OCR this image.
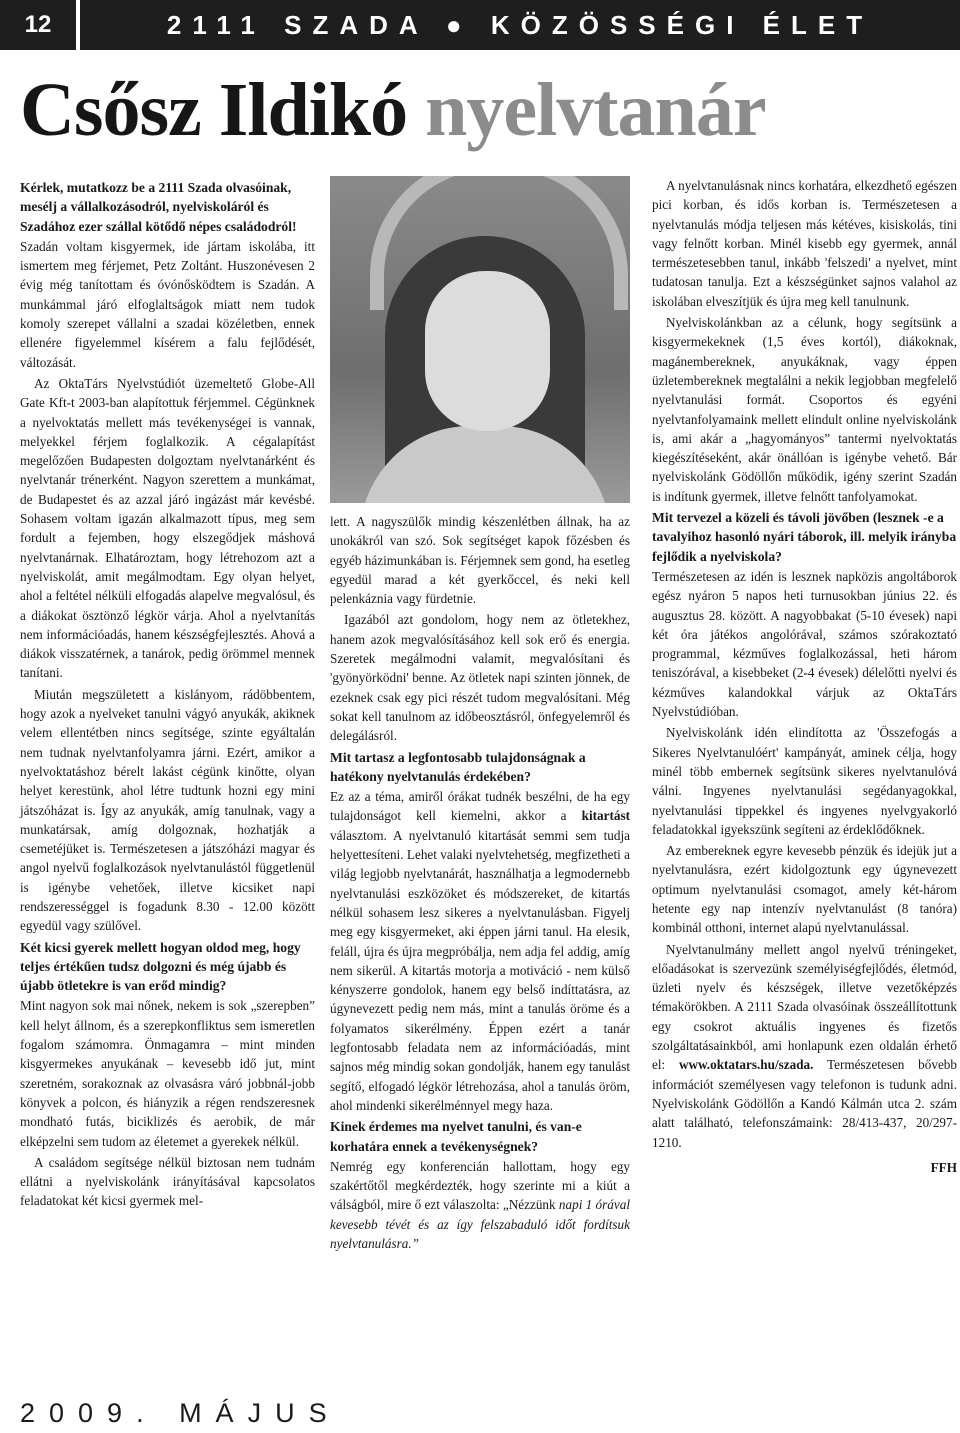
12	2111 SZADA ● KÖZÖSSÉGI ÉLET
Csősz Ildikó nyelvtanár
Kérlek, mutatkozz be a 2111 Szada olvasóinak, mesélj a vállalkozásodról, nyelviskoláról és Szadához ezer szállal kötődő népes családodról!

Szadán voltam kisgyermek, ide jártam iskolába, itt ismertem meg férjemet, Petz Zoltánt. Huszonévesen 2 évig még tanítottam és óvónősködtem is Szadán. A munkámmal járó elfoglaltságok miatt nem tudok komoly szerepet vállalni a szadai közéletben, ennek ellenére figyelemmel kísérem a falu fejlődését, változását.

Az OktaTárs Nyelvstúdiót üzemeltető Globe-All Gate Kft-t 2003-ban alapítottuk férjemmel. Cégünknek a nyelvoktatás mellett más tevékenységei is vannak, melyekkel férjem foglalkozik. A cégalapítást megelőzően Budapesten dolgoztam nyelvtanárként és nyelvtanár trénerként. Nagyon szerettem a munkámat, de Budapestet és az azzal járó ingázást már kevésbé. Sohasem voltam igazán alkalmazott típus, meg sem fordult a fejemben, hogy elszegődjek máshová nyelvtanárnak. Elhatároztam, hogy létrehozom azt a nyelviskolát, amit megálmodtam. Egy olyan helyet, ahol a feltétel nélküli elfogadás alapelve megvalósul, és a diákokat ösztönző légkör várja. Ahol a nyelvtanítás nem információadás, hanem készségfejlesztés. Ahová a diákok visszatérnek, a tanárok, pedig örömmel mennek tanítani.

Miután megszületett a kislányom, rádöbbentem, hogy azok a nyelveket tanulni vágyó anyukák, akiknek velem ellentétben nincs segítsége, szinte egyáltalán nem tudnak nyelvtanfolyamra járni. Ezért, amikor a nyelvoktatáshoz bérelt lakást cégünk kinőtte, olyan helyet kerestünk, ahol létre tudtunk hozni egy mini játszóházat is. Így az anyukák, amíg tanulnak, vagy a munkatársak, amíg dolgoznak, hozhatják a csemetéjüket is. Természetesen a játszóházi magyar és angol nyelvű foglalkozások nyelvtanulástól függetlenül is igénybe vehetőek, illetve kicsiket napi rendszerességgel is fogadunk 8.30 - 12.00 között egyedül vagy szülővel.

Két kicsi gyerek mellett hogyan oldod meg, hogy teljes értékűen tudsz dolgozni és még újabb és újabb ötletekre is van erőd mindig?

Mint nagyon sok mai nőnek, nekem is sok „szerepben” kell helyt állnom, és a szerepkonfliktus sem ismeretlen fogalom számomra. Önmagamra – mint minden kisgyermekes anyukának – kevesebb idő jut, mint szeretném, sorakoznak az olvasásra váró jobbnál-jobb könyvek a polcon, és hiányzik a régen rendszeresnek mondható futás, biciklizés és aerobik, de már elképzelni sem tudom az életemet a gyerekek nélkül.

A családom segítsége nélkül biztosan nem tudnám ellátni a nyelviskolánk irányításával kapcsolatos feladatokat két kicsi gyermek mel-

lett. A nagyszülők mindig készenlétben állnak, ha az unokákról van szó. Sok segítséget kapok főzésben és egyéb házimunkában is. Férjemnek sem gond, ha esetleg egyedül marad a két gyerkőccel, és neki kell pelenkáznia vagy fürdetnie.

Igazából azt gondolom, hogy nem az ötletekhez, hanem azok megvalósításához kell sok erő és energia. Szeretek megálmodni valamit, megvalósítani és 'gyönyörködni' benne. Az ötletek napi szinten jönnek, de ezeknek csak egy pici részét tudom megvalósítani. Még sokat kell tanulnom az időbeosztásról, önfegyelemről és delegálásról.

Mit tartasz a legfontosabb tulajdonságnak a hatékony nyelvtanulás érdekében?

Ez az a téma, amiről órákat tudnék beszélni, de ha egy tulajdonságot kell kiemelni, akkor a kitartást választom. A nyelvtanuló kitartását semmi sem tudja helyettesíteni. Lehet valaki nyelvtehetség, megfizetheti a világ legjobb nyelvtanárát, használhatja a legmodernebb nyelvtanulási eszközöket és módszereket, de kitartás nélkül sohasem lesz sikeres a nyelvtanulásban. Figyelj meg egy kisgyermeket, aki éppen járni tanul. Ha elesik, feláll, újra és újra megpróbálja, nem adja fel addig, amíg nem sikerül. A kitartás motorja a motiváció - nem külső kényszerre gondolok, hanem egy belső indíttatásra, az úgynevezett pedig nem más, mint a tanulás öröme és a folyamatos sikerélmény. Éppen ezért a tanár legfontosabb feladata nem az információadás, mint sajnos még mindig sokan gondolják, hanem egy tanulást segítő, elfogadó légkör létrehozása, ahol a tanulás öröm, ahol mindenki sikerélménnyel megy haza.

Kinek érdemes ma nyelvet tanulni, és van-e korhatára ennek a tevékenységnek?

Nemrég egy konferencián hallottam, hogy egy szakértőtől megkérdezték, hogy szerinte mi a kiút a válságból, mire ő ezt válaszolta: „Nézzünk napi 1 órával kevesebb tévét és az így felszabaduló időt fordítsuk nyelvtanulásra.”

A nyelvtanulásnak nincs korhatára, elkezdhető egészen pici korban, és idős korban is. Természetesen a nyelvtanulás módja teljesen más kétéves, kisiskolás, tini vagy felnőtt korban. Minél kisebb egy gyermek, annál természetesebben tanul, inkább 'felszedi' a nyelvet, mint tudatosan tanulja. Ezt a készségünket sajnos valahol az iskolában elveszítjük és újra meg kell tanulnunk.

Nyelviskolánkban az a célunk, hogy segítsünk a kisgyermekeknek (1,5 éves kortól), diákoknak, magánembereknek, anyukáknak, vagy éppen üzletembereknek megtalálni a nekik legjobban megfelelő nyelvtanulási formát. Csoportos és egyéni nyelvtanfolyamaink mellett elindult online nyelviskolánk is, ami akár a „hagyományos” tantermi nyelvoktatás kiegészítéseként, akár önállóan is igénybe vehető. Bár nyelviskolánk Gödöllőn működik, igény szerint Szadán is indítunk gyermek, illetve felnőtt tanfolyamokat.

Mit tervezel a közeli és távoli jövőben (lesznek -e a tavalyihoz hasonló nyári táborok, ill. melyik irányba fejlődik a nyelviskola?

Természetesen az idén is lesznek napközis angoltáborok egész nyáron 5 napos heti turnusokban június 22. és augusztus 28. között. A nagyobbakat (5-10 évesek) napi két óra játékos angolórával, számos szórakoztató programmal, kézműves foglalkozással, heti három teniszórával, a kisebbeket (2-4 évesek) délelőtti nyelvi és kézműves kalandokkal várjuk az OktaTárs Nyelvstúdióban.

Nyelviskolánk idén elindította az 'Összefogás a Sikeres Nyelvtanulóért' kampányát, aminek célja, hogy minél több embernek segítsünk sikeres nyelvtanulóvá válni. Ingyenes nyelvtanulási segédanyagokkal, nyelvtanulási tippekkel és ingyenes nyelvgyakorló feladatokkal igyekszünk segíteni az érdeklődőknek.

Az embereknek egyre kevesebb pénzük és idejük jut a nyelvtanulásra, ezért kidolgoztunk egy úgynevezett optimum nyelvtanulási csomagot, amely két-három hetente egy nap intenzív nyelvtanulást (8 tanóra) kombinál otthoni, internet alapú nyelvtanulással.

Nyelvtanulmány mellett angol nyelvű tréningeket, előadásokat is szervezünk személyiségfejlődés, életmód, üzleti nyelv és készségek, illetve vezetőképzés témakörökben. A 2111 Szada olvasóinak összeállítottunk egy csokrot aktuális ingyenes és fizetős szolgáltatásainkból, ami honlapunk ezen oldalán érhető el: www.oktatars.hu/szada. Természetesen bővebb információt személyesen vagy telefonon is tudunk adni. Nyelviskolánk Gödöllőn a Kandó Kálmán utca 2. szám alatt található, telefonszámaink: 28/413-437, 20/297-1210.

FFH
2009. MÁJUS
